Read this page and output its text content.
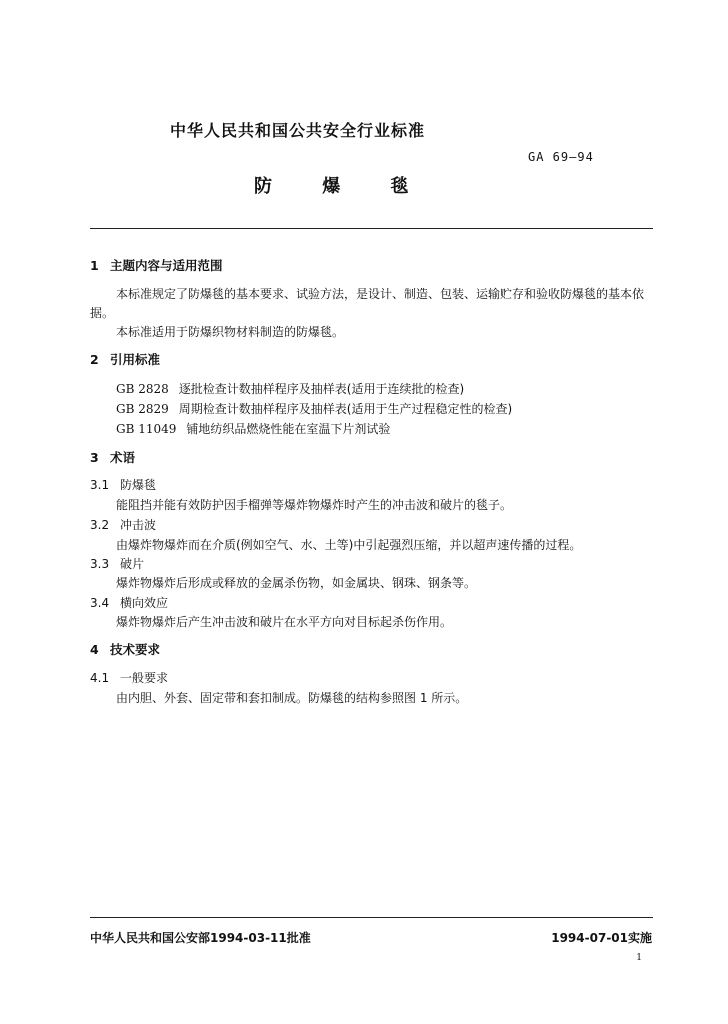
中华人民共和国公共安全行业标准
GA 69—94
防 爆 毯
1 主题内容与适用范围
本标准规定了防爆毯的基本要求、试验方法，是设计、制造、包装、运输贮存和验收防爆毯的基本依
据。
本标准适用于防爆织物材料制造的防爆毯。
2 引用标准
GB 2828 逐批检查计数抽样程序及抽样表(适用于连续批的检查)
GB 2829 周期检查计数抽样程序及抽样表(适用于生产过程稳定性的检查)
GB 11049 铺地纺织品燃烧性能在室温下片剂试验
3 术语
3.1 防爆毯
能阻挡并能有效防护因手榴弹等爆炸物爆炸时产生的冲击波和破片的毯子。
3.2 冲击波
由爆炸物爆炸而在介质(例如空气、水、土等)中引起强烈压缩，并以超声速传播的过程。
3.3 破片
爆炸物爆炸后形成或释放的金属杀伤物，如金属块、钢珠、钢条等。
3.4 横向效应
爆炸物爆炸后产生冲击波和破片在水平方向对目标起杀伤作用。
4 技术要求
4.1 一般要求
由内胆、外套、固定带和套扣制成。防爆毯的结构参照图 1 所示。
中华人民共和国公安部1994-03-11批准	1994-07-01实施
1
